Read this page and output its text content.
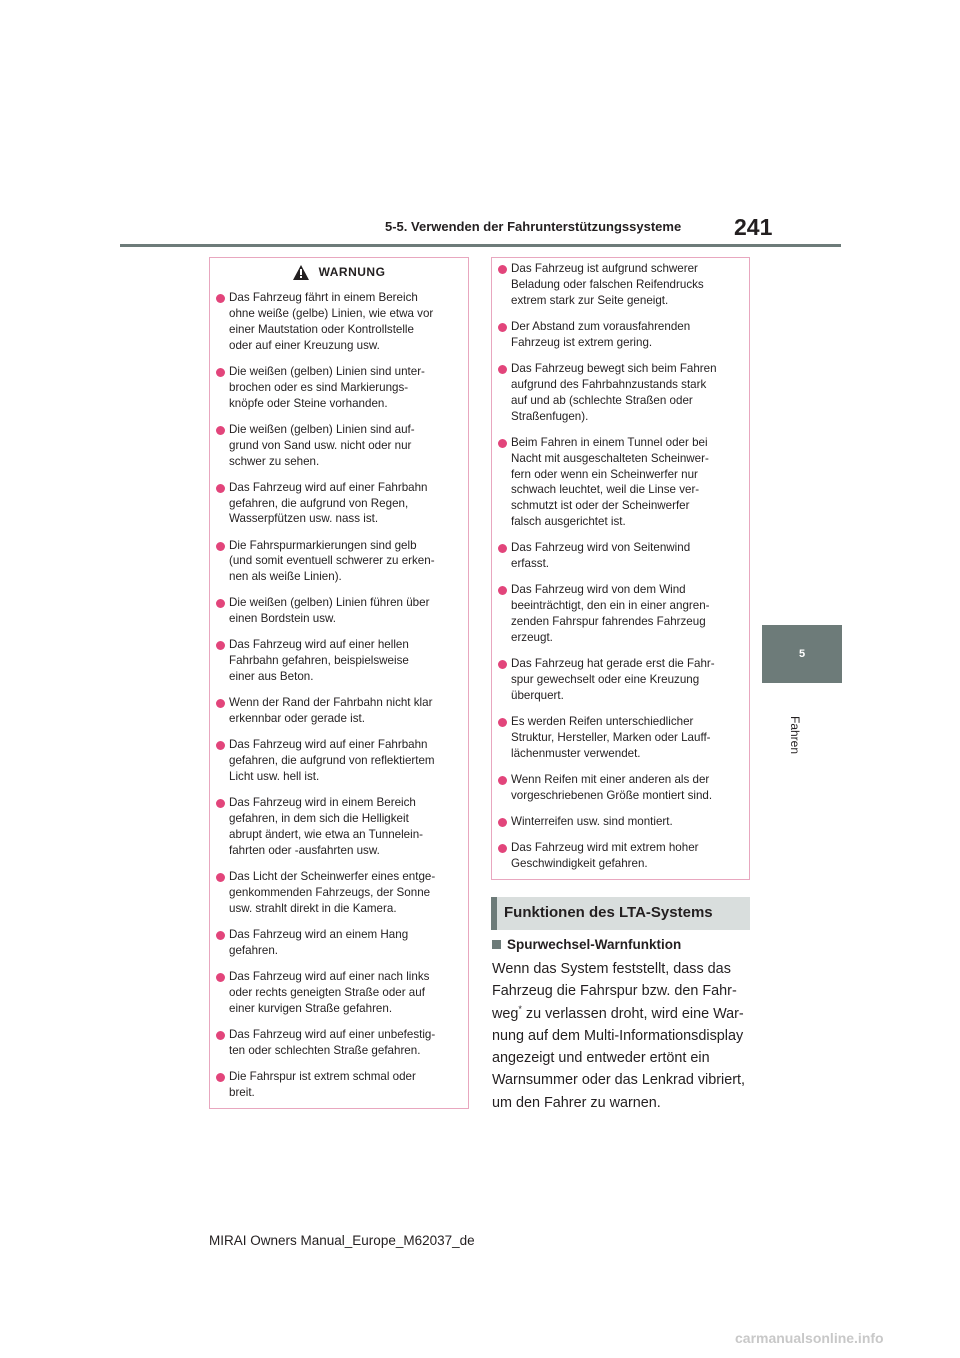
5-5. Verwenden der Fahrunterstützungssysteme 241
5
Fahren
WARNUNG
Das Fahrzeug fährt in einem Bereich
ohne weiße (gelbe) Linien, wie etwa vor
einer Mautstation oder Kontrollstelle
oder auf einer Kreuzung usw.
Die weißen (gelben) Linien sind unter-
brochen oder es sind Markierungs-
knöpfe oder Steine vorhanden.
Die weißen (gelben) Linien sind auf-
grund von Sand usw. nicht oder nur
schwer zu sehen.
Das Fahrzeug wird auf einer Fahrbahn
gefahren, die aufgrund von Regen,
Wasserpfützen usw. nass ist.
Die Fahrspurmarkierungen sind gelb
(und somit eventuell schwerer zu erken-
nen als weiße Linien).
Die weißen (gelben) Linien führen über
einen Bordstein usw.
Das Fahrzeug wird auf einer hellen
Fahrbahn gefahren, beispielsweise
einer aus Beton.
Wenn der Rand der Fahrbahn nicht klar
erkennbar oder gerade ist.
Das Fahrzeug wird auf einer Fahrbahn
gefahren, die aufgrund von reflektiertem
Licht usw. hell ist.
Das Fahrzeug wird in einem Bereich
gefahren, in dem sich die Helligkeit
abrupt ändert, wie etwa an Tunnelein-
fahrten oder -ausfahrten usw.
Das Licht der Scheinwerfer eines entge-
genkommenden Fahrzeugs, der Sonne
usw. strahlt direkt in die Kamera.
Das Fahrzeug wird an einem Hang
gefahren.
Das Fahrzeug wird auf einer nach links
oder rechts geneigten Straße oder auf
einer kurvigen Straße gefahren.
Das Fahrzeug wird auf einer unbefestig-
ten oder schlechten Straße gefahren.
Die Fahrspur ist extrem schmal oder
breit.
Das Fahrzeug ist aufgrund schwerer
Beladung oder falschen Reifendrucks
extrem stark zur Seite geneigt.
Der Abstand zum vorausfahrenden
Fahrzeug ist extrem gering.
Das Fahrzeug bewegt sich beim Fahren
aufgrund des Fahrbahnzustands stark
auf und ab (schlechte Straßen oder
Straßenfugen).
Beim Fahren in einem Tunnel oder bei
Nacht mit ausgeschalteten Scheinwer-
fern oder wenn ein Scheinwerfer nur
schwach leuchtet, weil die Linse ver-
schmutzt ist oder der Scheinwerfer
falsch ausgerichtet ist.
Das Fahrzeug wird von Seitenwind
erfasst.
Das Fahrzeug wird von dem Wind
beeinträchtigt, den ein in einer angren-
zenden Fahrspur fahrendes Fahrzeug
erzeugt.
Das Fahrzeug hat gerade erst die Fahr-
spur gewechselt oder eine Kreuzung
überquert.
Es werden Reifen unterschiedlicher
Struktur, Hersteller, Marken oder Lauff-
lächenmuster verwendet.
Wenn Reifen mit einer anderen als der
vorgeschriebenen Größe montiert sind.
Winterreifen usw. sind montiert.
Das Fahrzeug wird mit extrem hoher
Geschwindigkeit gefahren.
Funktionen des LTA-Systems
Spurwechsel-Warnfunktion

Wenn das System feststellt, dass das Fahrzeug die Fahrspur bzw. den Fahr-weg* zu verlassen droht, wird eine War-nung auf dem Multi-Informationsdisplay angezeigt und entweder ertönt ein Warnsummer oder das Lenkrad vibriert, um den Fahrer zu warnen.

MIRAI Owners Manual_Europe_M62037_de
carmanualsonline.info
